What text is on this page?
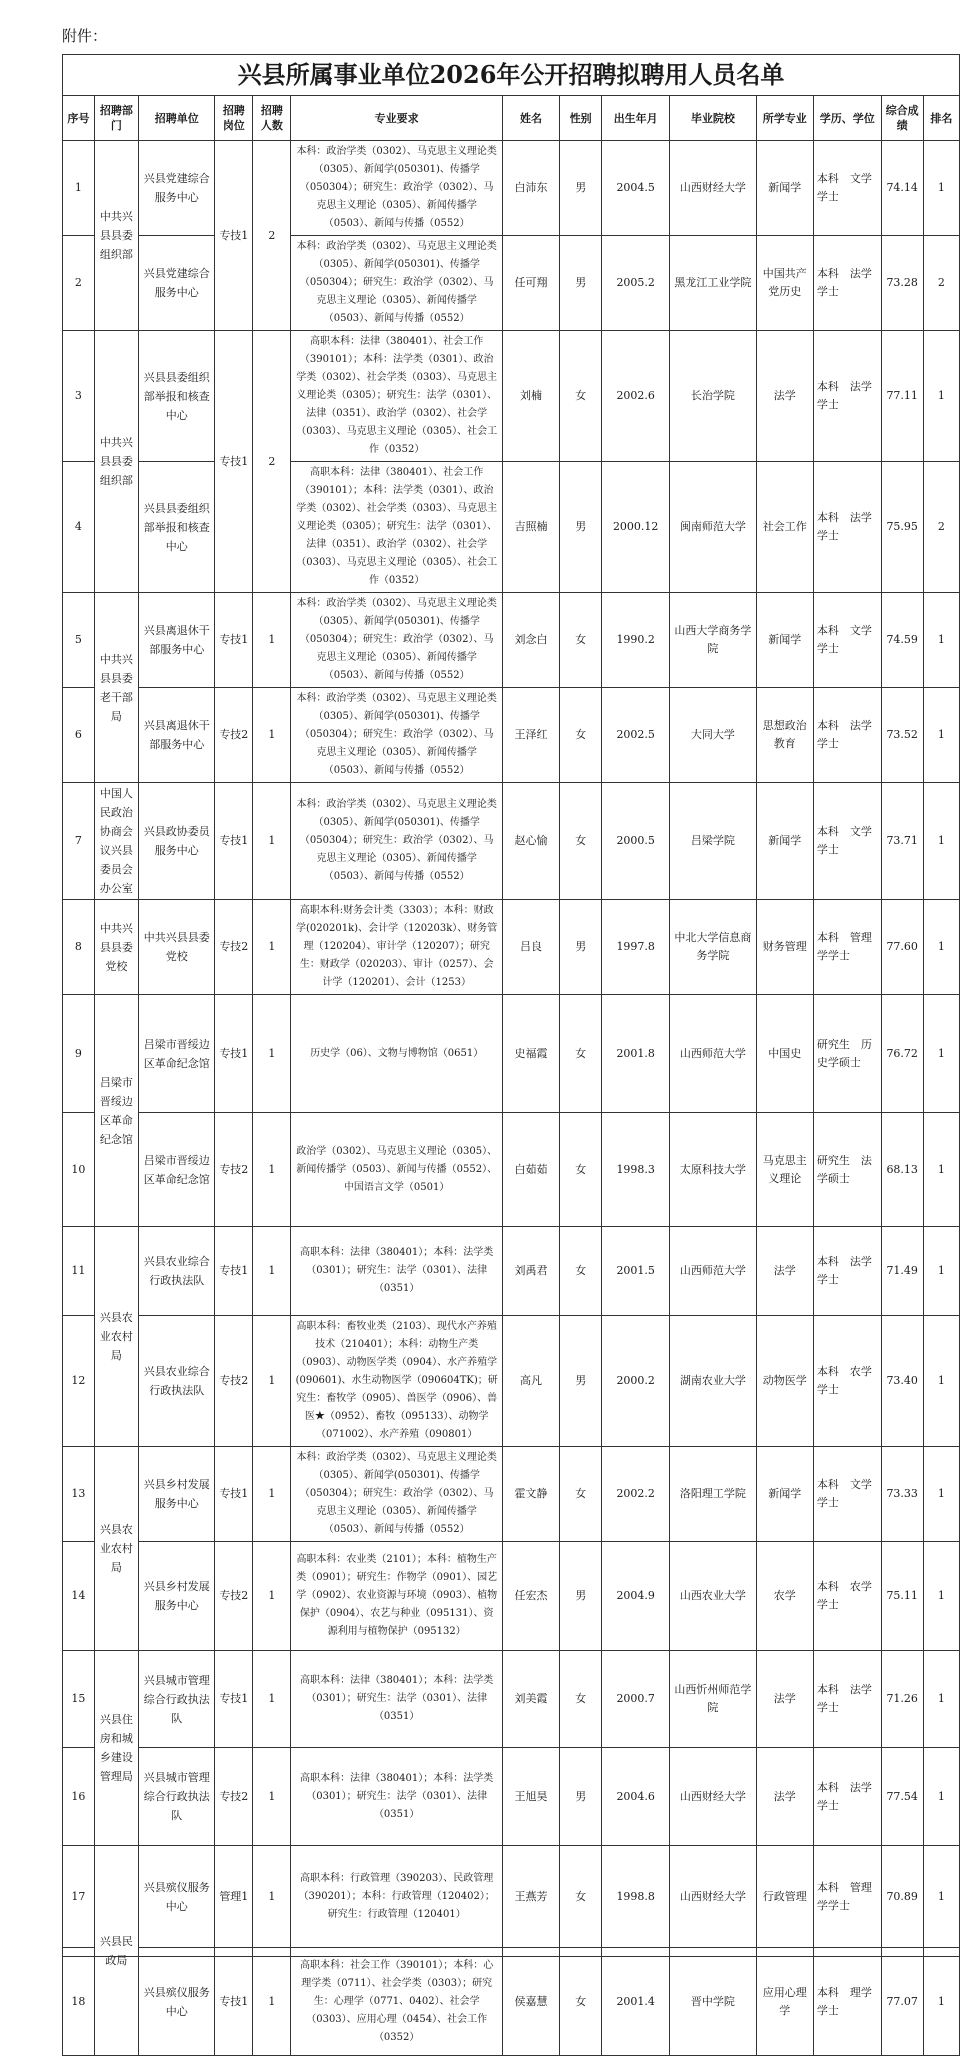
附件：
兴县所属事业单位2026年公开招聘拟聘用人员名单													
序号	招聘部门	招聘单位	招聘岗位	招聘人数	专业要求	姓名	性别	出生年月	毕业院校	所学专业	学历、学位	综合成绩	排名
1	中共兴县县委组织部	兴县党建综合服务中心	专技1	2	本科：政治学类（0302）、马克思主义理论类（0305）、新闻学(050301)、传播学（050304）；研究生：政治学（0302）、马克思主义理论（0305）、新闻传播学（0503）、新闻与传播（0552）	白沛东	男	2004.5	山西财经大学	新闻学	本科　文学学士	74.14	1
2		兴县党建综合服务中心			本科：政治学类（0302）、马克思主义理论类（0305）、新闻学(050301)、传播学（050304）；研究生：政治学（0302）、马克思主义理论（0305）、新闻传播学（0503）、新闻与传播（0552）	任可翔	男	2005.2	黑龙江工业学院	中国共产党历史	本科　法学学士	73.28	2
3	中共兴县县委组织部	兴县县委组织部举报和核查中心	专技1	2	高职本科：法律（380401）、社会工作（390101）；本科：法学类（0301）、政治学类（0302）、社会学类（0303）、马克思主义理论类（0305）；研究生：法学（0301）、法律（0351）、政治学（0302）、社会学（0303）、马克思主义理论（0305）、社会工作（0352）	刘楠	女	2002.6	长治学院	法学	本科　法学学士	77.11	1
4		兴县县委组织部举报和核查中心			高职本科：法律（380401）、社会工作（390101）；本科：法学类（0301）、政治学类（0302）、社会学类（0303）、马克思主义理论类（0305）；研究生：法学（0301）、法律（0351）、政治学（0302）、社会学（0303）、马克思主义理论（0305）、社会工作（0352）	吉照楠	男	2000.12	闽南师范大学	社会工作	本科　法学学士	75.95	2
5	中共兴县县委老干部局	兴县离退休干部服务中心	专技1	1	本科：政治学类（0302）、马克思主义理论类（0305）、新闻学(050301)、传播学（050304）；研究生：政治学（0302）、马克思主义理论（0305）、新闻传播学（0503）、新闻与传播（0552）	刘念白	女	1990.2	山西大学商务学院	新闻学	本科　文学学士	74.59	1
6		兴县离退休干部服务中心	专技2	1	本科：政治学类（0302）、马克思主义理论类（0305）、新闻学(050301)、传播学（050304）；研究生：政治学（0302）、马克思主义理论（0305）、新闻传播学（0503）、新闻与传播（0552）	王泽红	女	2002.5	大同大学	思想政治教育	本科　法学学士	73.52	1
7	中国人民政治协商会议兴县委员会办公室	兴县政协委员服务中心	专技1	1	本科：政治学类（0302）、马克思主义理论类（0305）、新闻学(050301)、传播学（050304）；研究生：政治学（0302）、马克思主义理论（0305）、新闻传播学（0503）、新闻与传播（0552）	赵心愉	女	2000.5	吕梁学院	新闻学	本科　文学学士	73.71	1
8	中共兴县县委党校	中共兴县县委党校	专技2	1	高职本科:财务会计类（3303）；本科：财政学(020201k)、会计学（120203k）、财务管理（120204）、审计学（120207）；研究生：财政学（020203）、审计（0257）、会计学（120201）、会计（1253）	吕良	男	1997.8	中北大学信息商务学院	财务管理	本科　管理学学士	77.60	1
9	吕梁市晋绥边区革命纪念馆	吕梁市晋绥边区革命纪念馆	专技1	1	历史学（06）、文物与博物馆（0651）	史福霞	女	2001.8	山西师范大学	中国史	研究生　历史学硕士	76.72	1
10		吕梁市晋绥边区革命纪念馆	专技2	1	政治学（0302）、马克思主义理论（0305）、新闻传播学（0503）、新闻与传播（0552）、中国语言文学（0501）	白茹茹	女	1998.3	太原科技大学	马克思主义理论	研究生　法学硕士	68.13	1
11	兴县农业农村局	兴县农业综合行政执法队	专技1	1	高职本科：法律（380401）；本科：法学类（0301）；研究生：法学（0301）、法律（0351）	刘禹君	女	2001.5	山西师范大学	法学	本科　法学学士	71.49	1
12		兴县农业综合行政执法队	专技2	1	高职本科：畜牧业类（2103）、现代水产养殖技术（210401）；本科：动物生产类（0903）、动物医学类（0904）、水产养殖学(090601)、水生动物医学（090604TK)；研究生：畜牧学（0905）、兽医学（0906）、兽医★（0952）、畜牧（095133）、动物学（071002）、水产养殖（090801）	高凡	男	2000.2	湖南农业大学	动物医学	本科　农学学士	73.40	1
13	兴县农业农村局	兴县乡村发展服务中心	专技1	1	本科：政治学类（0302）、马克思主义理论类（0305）、新闻学(050301)、传播学（050304）；研究生：政治学（0302）、马克思主义理论（0305）、新闻传播学（0503）、新闻与传播（0552）	霍文静	女	2002.2	洛阳理工学院	新闻学	本科　文学学士	73.33	1
14		兴县乡村发展服务中心	专技2	1	高职本科：农业类（2101）；本科：植物生产类（0901）；研究生：作物学（0901）、园艺学（0902）、农业资源与环境（0903）、植物保护（0904）、农艺与种业（095131）、资源利用与植物保护（095132）	任宏杰	男	2004.9	山西农业大学	农学	本科　农学学士	75.11	1
15	兴县住房和城乡建设管理局	兴县城市管理综合行政执法队	专技1	1	高职本科：法律（380401）；本科：法学类（0301）；研究生：法学（0301）、法律（0351）	刘美霞	女	2000.7	山西忻州师范学院	法学	本科　法学学士	71.26	1
16		兴县城市管理综合行政执法队	专技2	1	高职本科：法律（380401）；本科：法学类（0301）；研究生：法学（0301）、法律（0351）	王旭昊	男	2004.6	山西财经大学	法学	本科　法学学士	77.54	1
17	兴县民政局	兴县殡仪服务中心	管理1	1	高职本科：行政管理（390203）、民政管理（390201）；本科：行政管理（120402）；研究生：行政管理（120401）	王燕芳	女	1998.8	山西财经大学	行政管理	本科　管理学学士	70.89	1
18		兴县殡仪服务中心	专技1	1	高职本科：社会工作（390101）；本科：心理学类（0711）、社会学类（0303）；研究生：心理学（0771、0402）、社会学（0303）、应用心理（0454）、社会工作（0352）	侯嘉慧	女	2001.4	晋中学院	应用心理学	本科　理学学士	77.07	1
